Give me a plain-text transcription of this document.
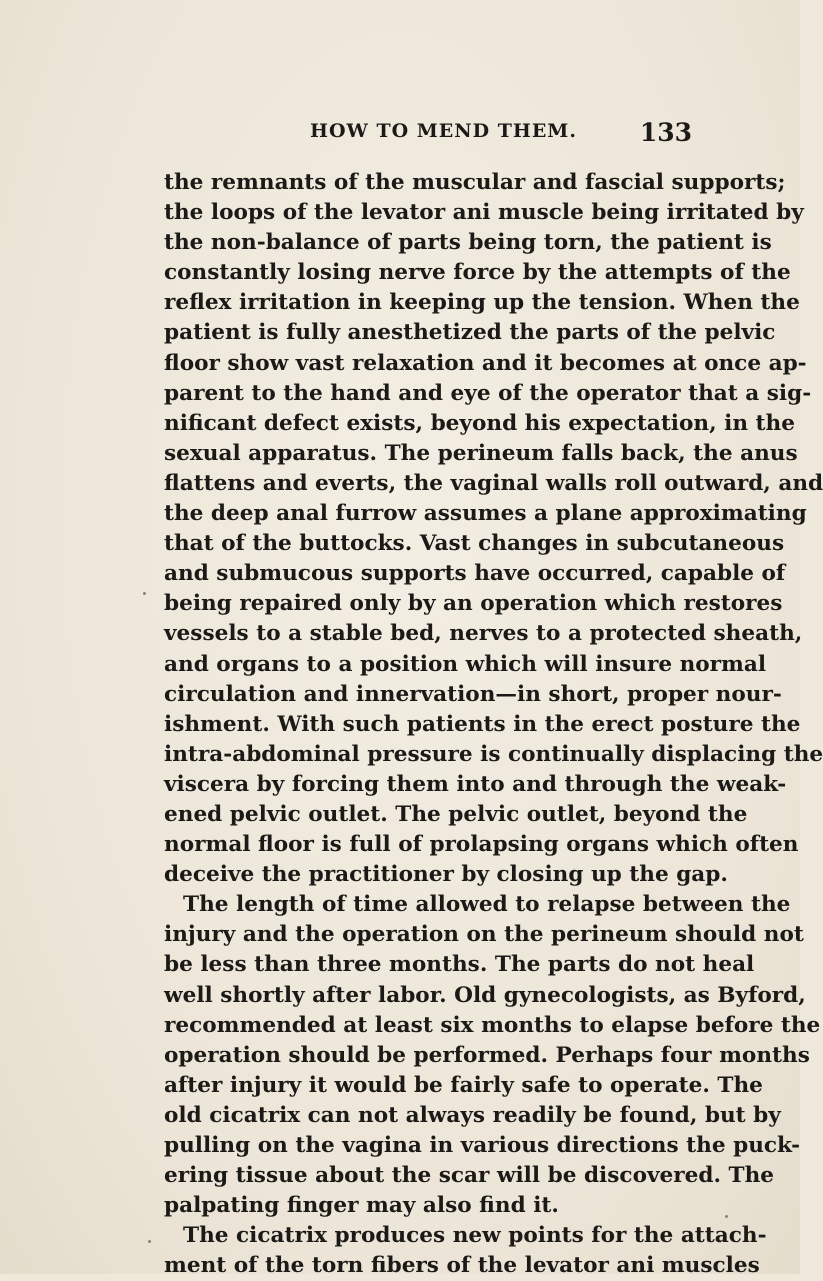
HOW TO MEND THEM.	133
the remnants of the muscular and fascial supports;
the loops of the levator ani muscle being irritated by
the non-balance of parts being torn, the patient is
constantly losing nerve force by the attempts of the
reflex irritation in keeping up the tension. When the
patient is fully anesthetized the parts of the pelvic
floor show vast relaxation and it becomes at once ap-
parent to the hand and eye of the operator that a sig-
nificant defect exists, beyond his expectation, in the
sexual apparatus. The perineum falls back, the anus
flattens and everts, the vaginal walls roll outward, and
the deep anal furrow assumes a plane approximating
that of the buttocks. Vast changes in subcutaneous
and submucous supports have occurred, capable of
being repaired only by an operation which restores
vessels to a stable bed, nerves to a protected sheath,
and organs to a position which will insure normal
circulation and innervation—in short, proper nour-
ishment. With such patients in the erect posture the
intra-abdominal pressure is continually displacing the
viscera by forcing them into and through the weak-
ened pelvic outlet. The pelvic outlet, beyond the
normal floor is full of prolapsing organs which often
deceive the practitioner by closing up the gap.
The length of time allowed to relapse between the
injury and the operation on the perineum should not
be less than three months. The parts do not heal
well shortly after labor. Old gynecologists, as Byford,
recommended at least six months to elapse before the
operation should be performed. Perhaps four months
after injury it would be fairly safe to operate. The
old cicatrix can not always readily be found, but by
pulling on the vagina in various directions the puck-
ering tissue about the scar will be discovered. The
palpating finger may also find it.
The cicatrix produces new points for the attach-
ment of the torn fibers of the levator ani muscles
